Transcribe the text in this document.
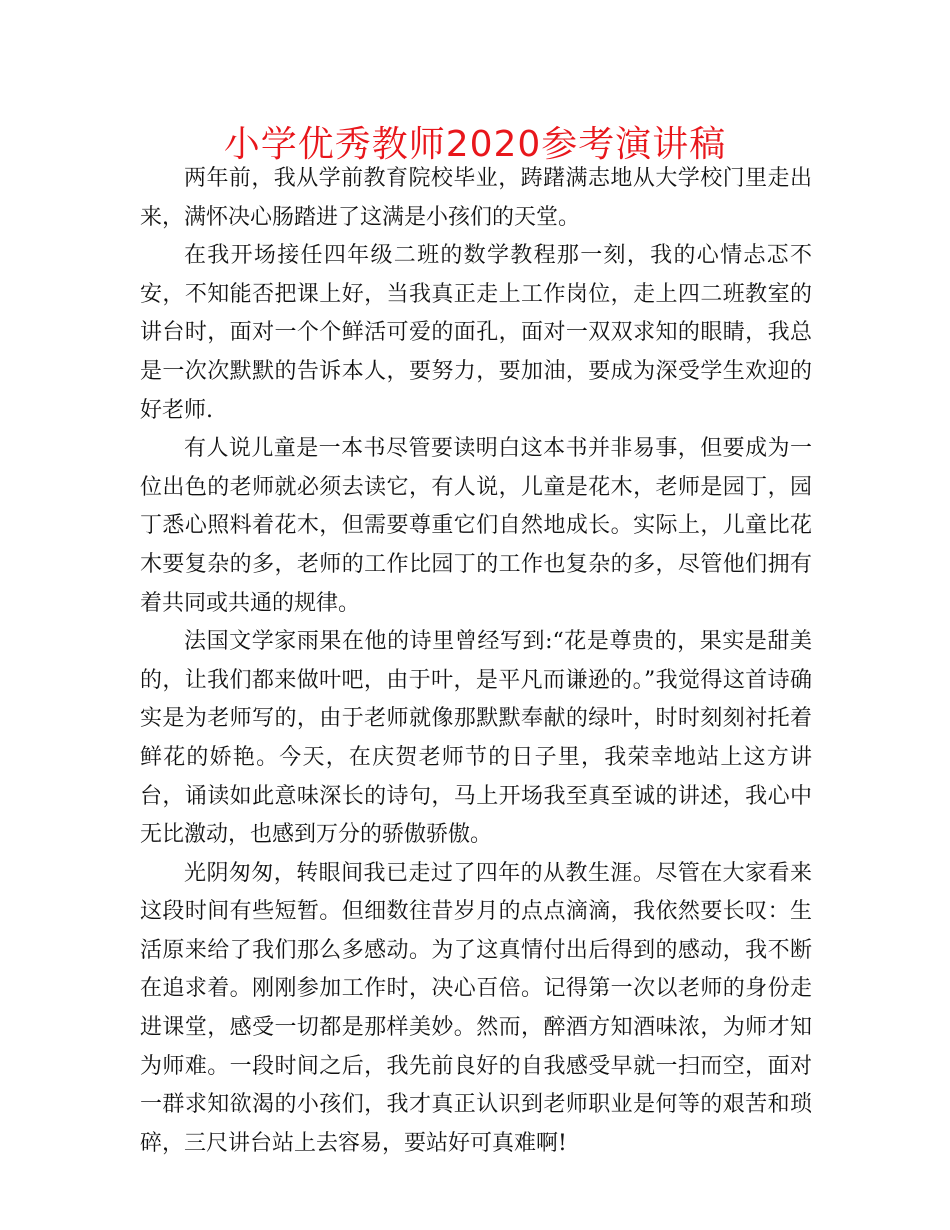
小学优秀教师2020参考演讲稿

两年前，我从学前教育院校毕业，踌躇满志地从大学校门里走出来，满怀决心肠踏进了这满是小孩们的天堂。

在我开场接任四年级二班的数学教程那一刻，我的心情忐忑不安，不知能否把课上好，当我真正走上工作岗位，走上四二班教室的讲台时，面对一个个鲜活可爱的面孔，面对一双双求知的眼睛，我总是一次次默默的告诉本人，要努力，要加油，要成为深受学生欢迎的好老师.

有人说儿童是一本书尽管要读明白这本书并非易事，但要成为一位出色的老师就必须去读它，有人说，儿童是花木，老师是园丁，园丁悉心照料着花木，但需要尊重它们自然地成长。实际上，儿童比花木要复杂的多，老师的工作比园丁的工作也复杂的多，尽管他们拥有着共同或共通的规律。

法国文学家雨果在他的诗里曾经写到:“花是尊贵的，果实是甜美的，让我们都来做叶吧，由于叶，是平凡而谦逊的。”我觉得这首诗确实是为老师写的，由于老师就像那默默奉献的绿叶，时时刻刻衬托着鲜花的娇艳。今天，在庆贺老师节的日子里，我荣幸地站上这方讲台，诵读如此意味深长的诗句，马上开场我至真至诚的讲述，我心中无比激动，也感到万分的骄傲骄傲。

光阴匆匆，转眼间我已走过了四年的从教生涯。尽管在大家看来这段时间有些短暂。但细数往昔岁月的点点滴滴，我依然要长叹：生活原来给了我们那么多感动。为了这真情付出后得到的感动，我不断在追求着。刚刚参加工作时，决心百倍。记得第一次以老师的身份走进课堂，感受一切都是那样美妙。然而，醉酒方知酒味浓，为师才知为师难。一段时间之后，我先前良好的自我感受早就一扫而空，面对一群求知欲渴的小孩们，我才真正认识到老师职业是何等的艰苦和琐碎，三尺讲台站上去容易，要站好可真难啊!
